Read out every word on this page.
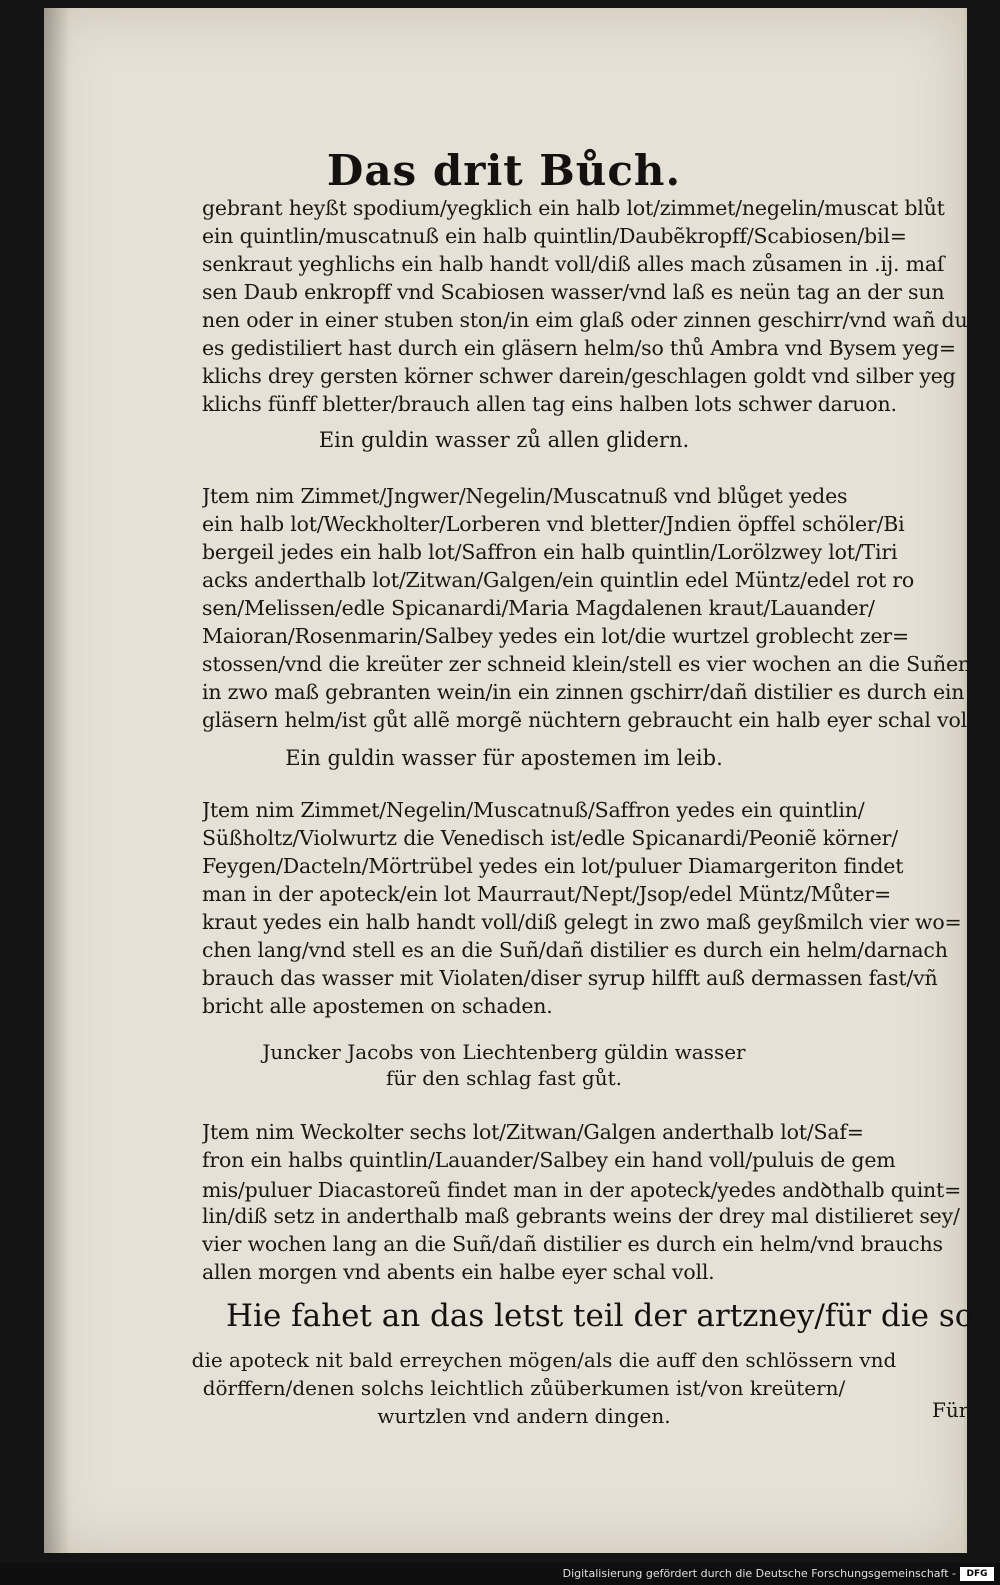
Das drit Bůch.
gebrant heyßt spodium/yegklich ein halb lot/zimmet/negelin/muscat blůt
ein quintlin/muscatnuß ein halb quintlin/Daubẽkropff/Scabiosen/bil=
senkraut yeghlichs ein halb handt voll/diß alles mach zůsamen in .ij. maſ
sen Daub enkropff vnd Scabiosen wasser/vnd laß es neün tag an der sun
nen oder in einer stuben ston/in eim glaß oder zinnen geschirr/vnd wañ du
es gedistiliert hast durch ein gläsern helm/so thů Ambra vnd Bysem yeg=
klichs drey gersten körner schwer darein/geschlagen goldt vnd silber yeg
klichs fünff bletter/brauch allen tag eins halben lots schwer daruon.
Ein guldin wasser zů allen glidern.
Jtem nim Zimmet/Jngwer/Negelin/Muscatnuß vnd blůget yedes
ein halb lot/Weckholter/Lorberen vnd bletter/Jndien öpffel schöler/Bi
bergeil jedes ein halb lot/Saffron ein halb quintlin/Lorölzwey lot/Tiri
acks anderthalb lot/Zitwan/Galgen/ein quintlin edel Müntz/edel rot ro
sen/Melissen/edle Spicanardi/Maria Magdalenen kraut/Lauander/
Maioran/Rosenmarin/Salbey yedes ein lot/die wurtzel groblecht zer=
stossen/vnd die kreüter zer schneid klein/stell es vier wochen an die Suñen
in zwo maß gebranten wein/in ein zinnen gschirr/dañ distilier es durch ein
gläsern helm/ist gůt allẽ morgẽ nüchtern gebraucht ein halb eyer schal vol
Ein guldin wasser für apostemen im leib.
Jtem nim Zimmet/Negelin/Muscatnuß/Saffron yedes ein quintlin/
Süßholtz/Violwurtz die Venedisch ist/edle Spicanardi/Peoniẽ körner/
Feygen/Dacteln/Mörtrübel yedes ein lot/puluer Diamargeriton findet
man in der apoteck/ein lot Maurraut/Nept/Jsop/edel Müntz/Můter=
kraut yedes ein halb handt voll/diß gelegt in zwo maß geyßmilch vier wo=
chen lang/vnd stell es an die Suñ/dañ distilier es durch ein helm/darnach
brauch das wasser mit Violaten/diser syrup hilfft auß dermassen fast/vñ
bricht alle apostemen on schaden.
Juncker Jacobs von Liechtenberg güldin wasser
für den schlag fast gůt.
Jtem nim Weckolter sechs lot/Zitwan/Galgen anderthalb lot/Saf=
fron ein halbs quintlin/Lauander/Salbey ein hand voll/puluis de gem
mis/puluer Diacastoreũ findet man in der apoteck/yedes andꝺthalb quint=
lin/diß setz in anderthalb maß gebrants weins der drey mal distilieret sey/
vier wochen lang an die Suñ/dañ distilier es durch ein helm/vnd brauchs
allen morgen vnd abents ein halbe eyer schal voll.
Hie fahet an das letst teil der artzney/für die so
die apoteck nit bald erreychen mögen/als die auff den schlössern vnd
dörffern/denen solchs leichtlich zůüberkumen ist/von kreütern/
wurtzlen vnd andern dingen.	Für
Digitalisierung gefördert durch die Deutsche Forschungsgemeinschaft -	DFG
